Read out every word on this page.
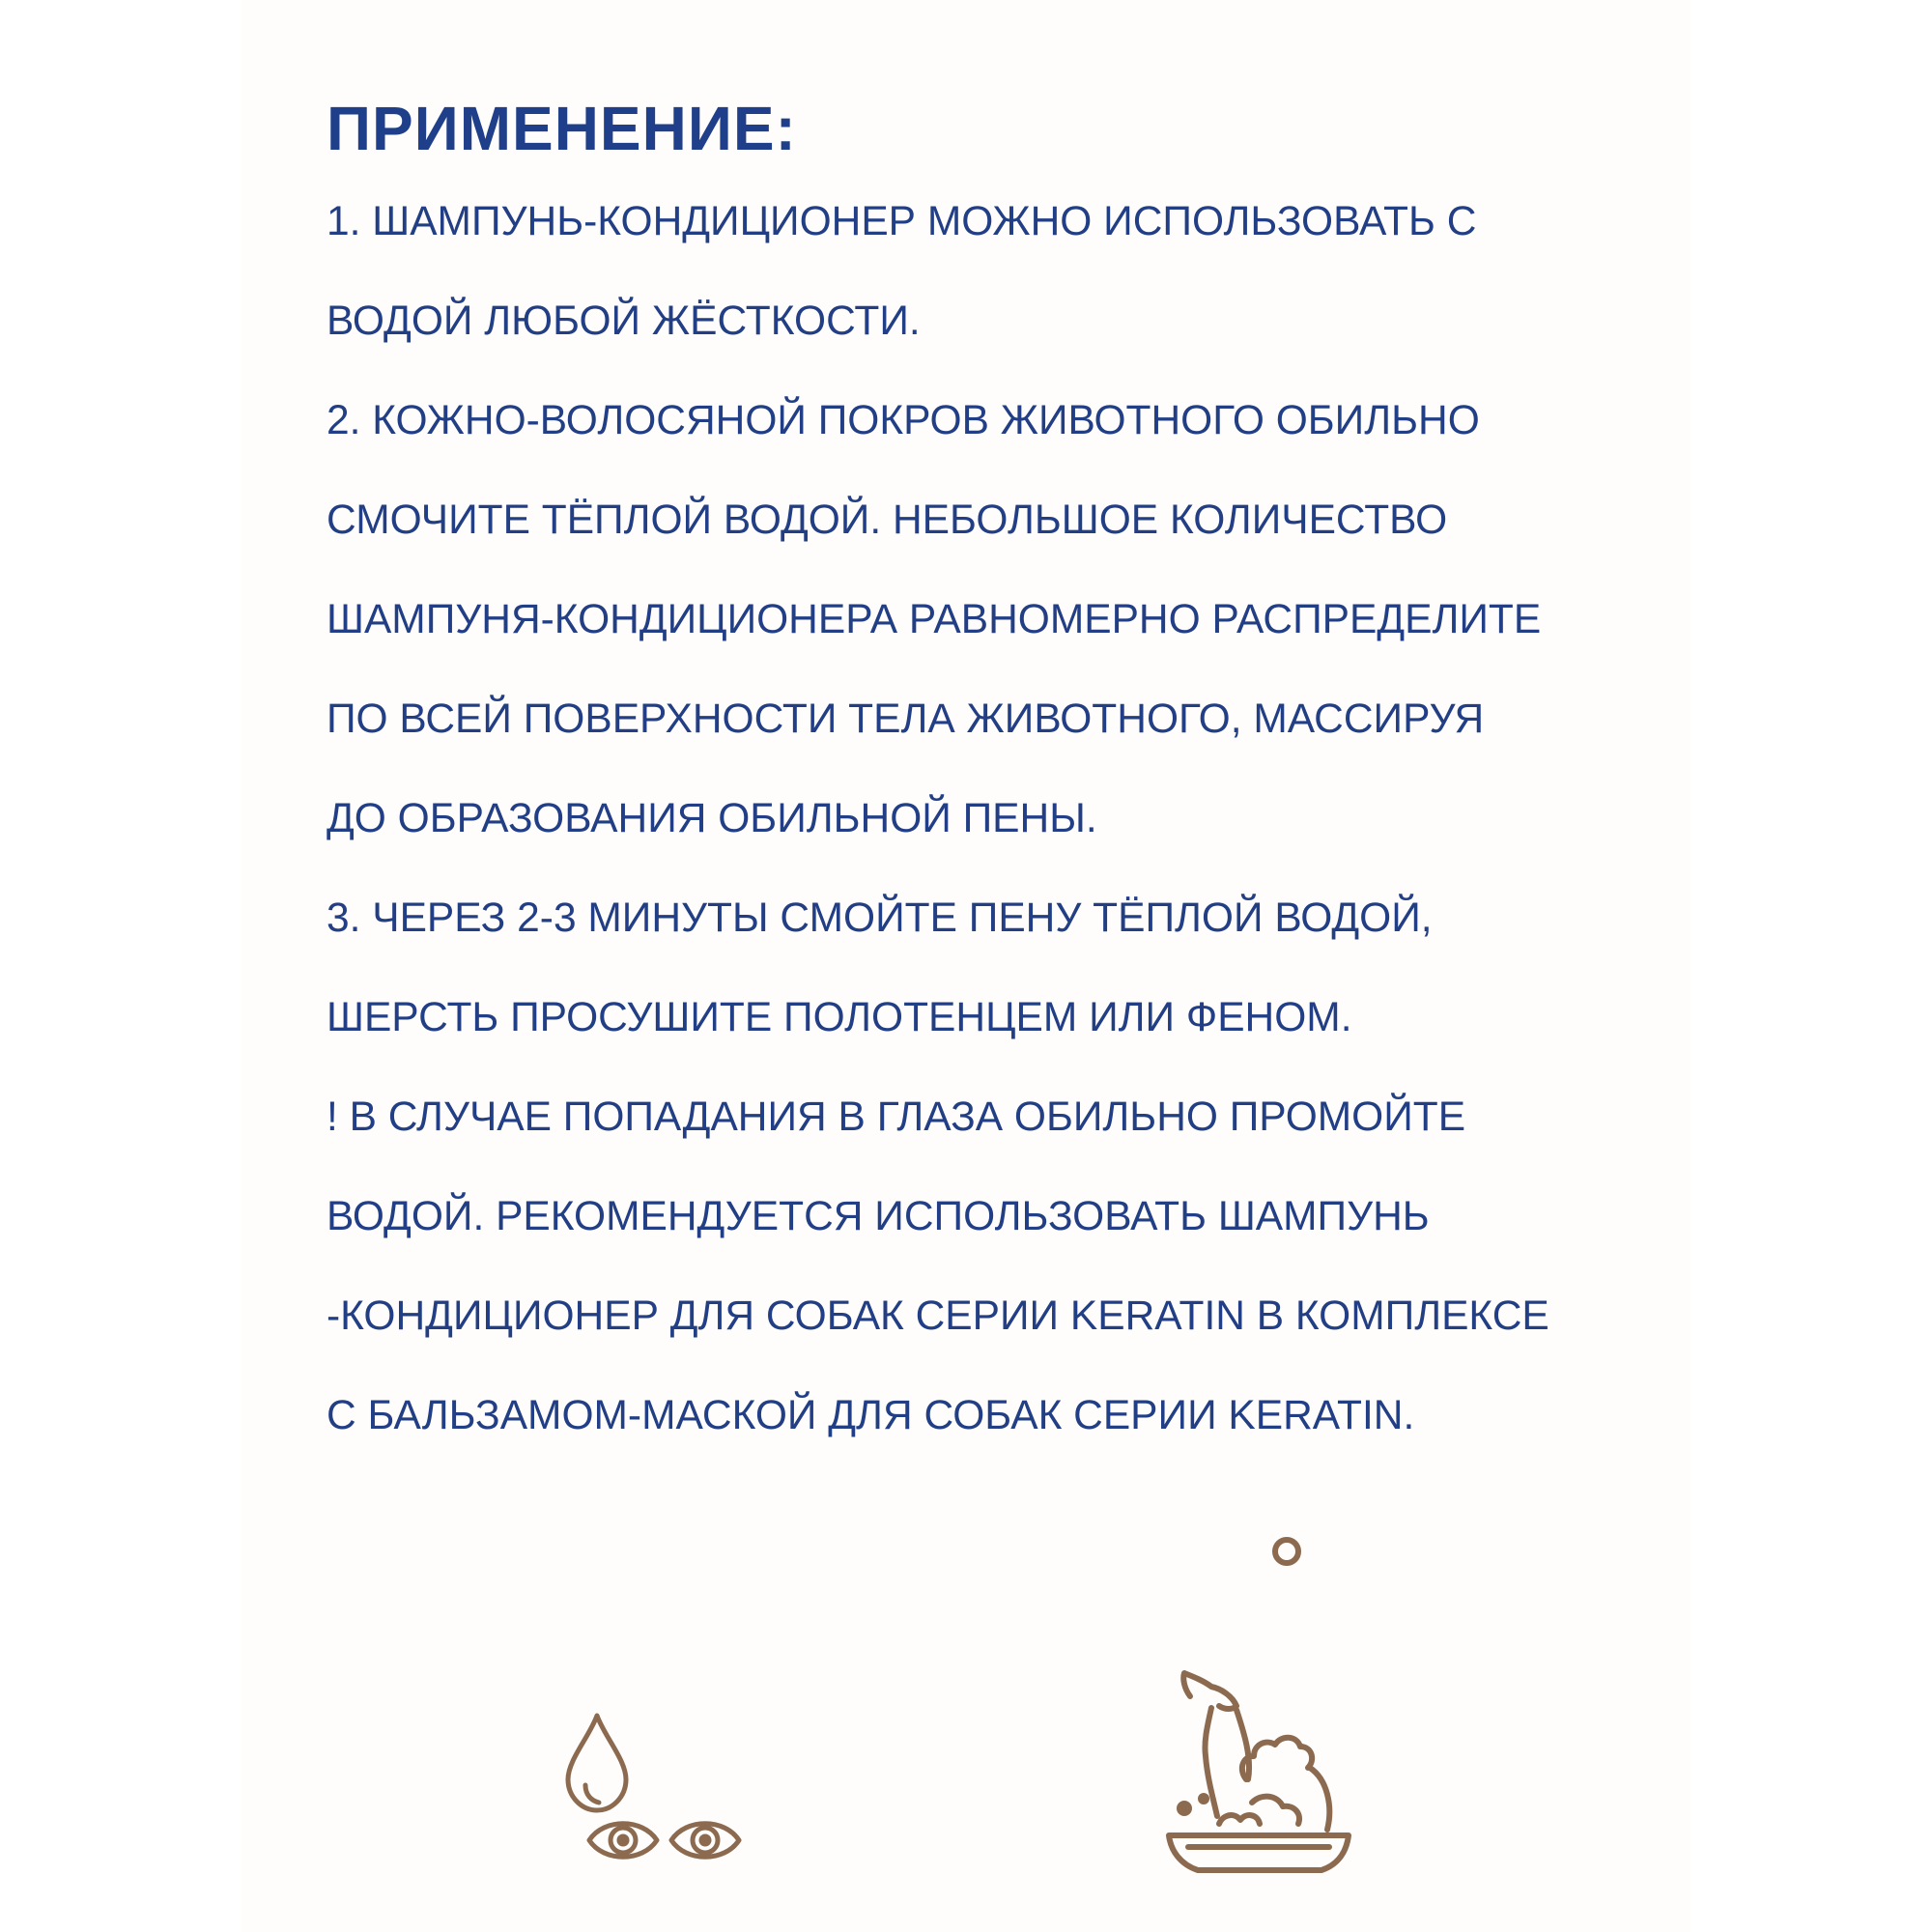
ПРИМЕНЕНИЕ:

1. ШАМПУНЬ-КОНДИЦИОНЕР МОЖНО ИСПОЛЬЗОВАТЬ С

ВОДОЙ ЛЮБОЙ ЖЁСТКОСТИ.

2. КОЖНО-ВОЛОСЯНОЙ ПОКРОВ ЖИВОТНОГО ОБИЛЬНО

СМОЧИТЕ ТЁПЛОЙ ВОДОЙ. НЕБОЛЬШОЕ КОЛИЧЕСТВО

ШАМПУНЯ-КОНДИЦИОНЕРА РАВНОМЕРНО РАСПРЕДЕЛИТЕ

ПО ВСЕЙ ПОВЕРХНОСТИ ТЕЛА ЖИВОТНОГО, МАССИРУЯ

ДО ОБРАЗОВАНИЯ ОБИЛЬНОЙ ПЕНЫ.

3. ЧЕРЕЗ 2-3 МИНУТЫ СМОЙТЕ ПЕНУ ТЁПЛОЙ ВОДОЙ,

ШЕРСТЬ ПРОСУШИТЕ ПОЛОТЕНЦЕМ ИЛИ ФЕНОМ.

! В СЛУЧАЕ ПОПАДАНИЯ В ГЛАЗА ОБИЛЬНО ПРОМОЙТЕ

ВОДОЙ. РЕКОМЕНДУЕТСЯ ИСПОЛЬЗОВАТЬ ШАМПУНЬ

-КОНДИЦИОНЕР ДЛЯ СОБАК СЕРИИ KERATIN В КОМПЛЕКСЕ

С БАЛЬЗАМОМ-МАСКОЙ ДЛЯ СОБАК СЕРИИ KERATIN.
